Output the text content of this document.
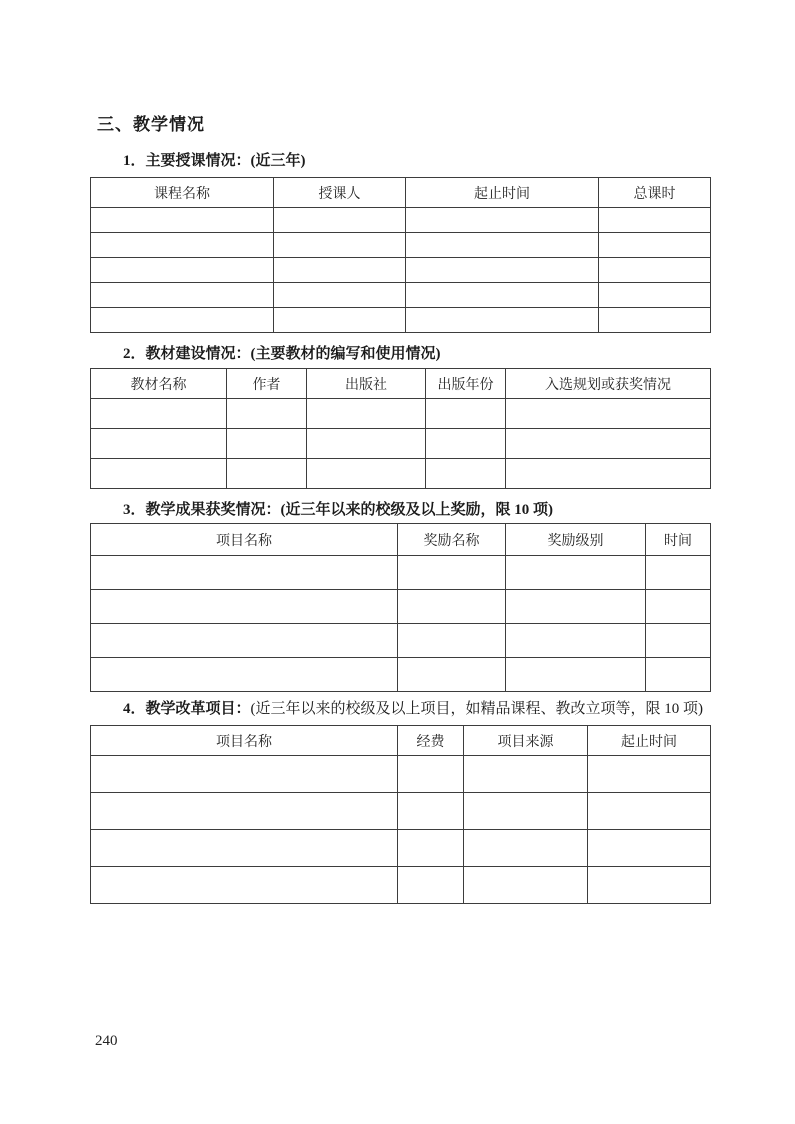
三、教学情况
1．主要授课情况：(近三年)
课程名称	授课人	起止时间	总课时

2．教材建设情况：(主要教材的编写和使用情况)
教材名称	作者	出版社	出版年份	入选规划或获奖情况

3．教学成果获奖情况：(近三年以来的校级及以上奖励，限 10 项)
项目名称	奖励名称	奖励级别	时间

4．教学改革项目：(近三年以来的校级及以上项目，如精品课程、教改立项等，限 10 项)
项目名称	经费	项目来源	起止时间

240
